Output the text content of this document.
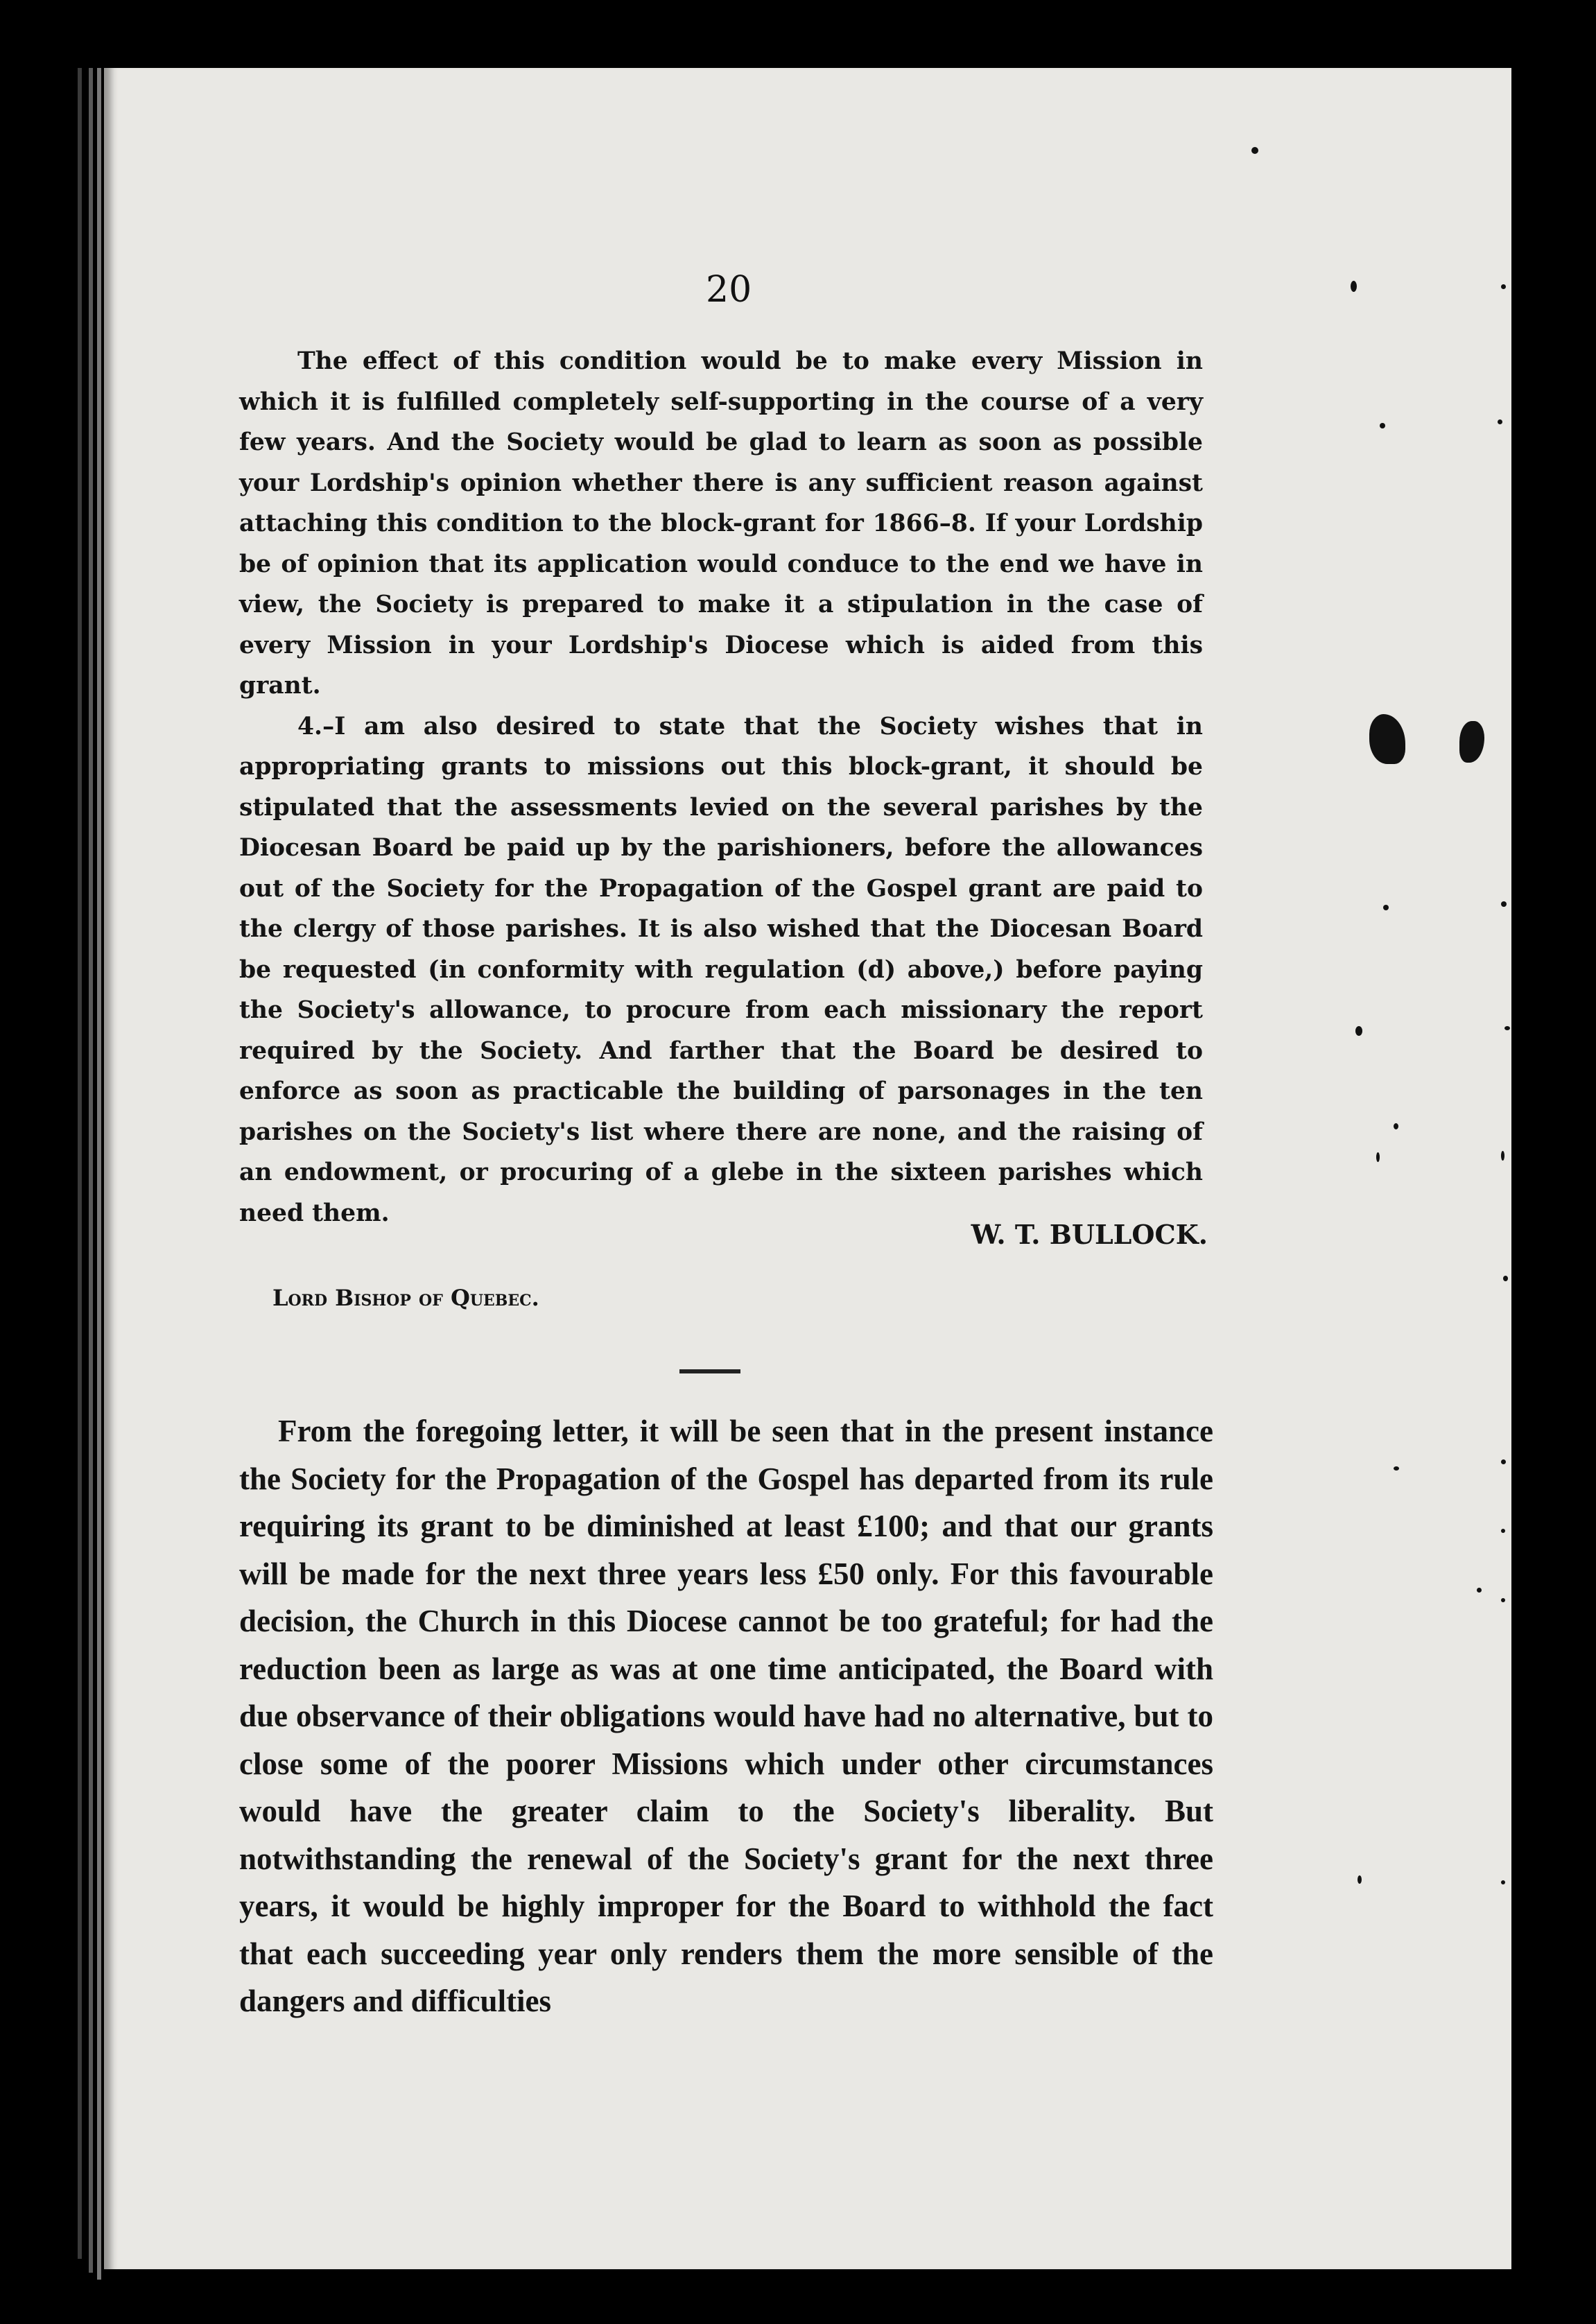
20

The effect of this condition would be to make every Mission in which it is fulfilled completely self-supporting in the course of a very few years. And the Society would be glad to learn as soon as possible your Lordship's opinion whether there is any sufficient reason against attaching this condition to the block-grant for 1866–8. If your Lordship be of opinion that its application would conduce to the end we have in view, the Society is prepared to make it a stipulation in the case of every Mission in your Lordship's Diocese which is aided from this grant.

4.–I am also desired to state that the Society wishes that in appropriating grants to missions out this block-grant, it should be stipulated that the assessments levied on the several parishes by the Diocesan Board be paid up by the parishioners, before the allowances out of the Society for the Propagation of the Gospel grant are paid to the clergy of those parishes. It is also wished that the Diocesan Board be requested (in conformity with regulation (d) above,) before paying the Society's allowance, to procure from each missionary the report required by the Society. And farther that the Board be desired to enforce as soon as practicable the building of parsonages in the ten parishes on the Society's list where there are none, and the raising of an endowment, or procuring of a glebe in the sixteen parishes which need them.

W. T. BULLOCK.
Lord Bishop of Quebec.

From the foregoing letter, it will be seen that in the present instance the Society for the Propagation of the Gospel has departed from its rule requiring its grant to be diminished at least £100; and that our grants will be made for the next three years less £50 only. For this favourable decision, the Church in this Diocese cannot be too grateful; for had the reduction been as large as was at one time anticipated, the Board with due observance of their obligations would have had no alternative, but to close some of the poorer Missions which under other circumstances would have the greater claim to the Society's liberality. But notwithstanding the renewal of the Society's grant for the next three years, it would be highly improper for the Board to withhold the fact that each succeeding year only renders them the more sensible of the dangers and difficulties
